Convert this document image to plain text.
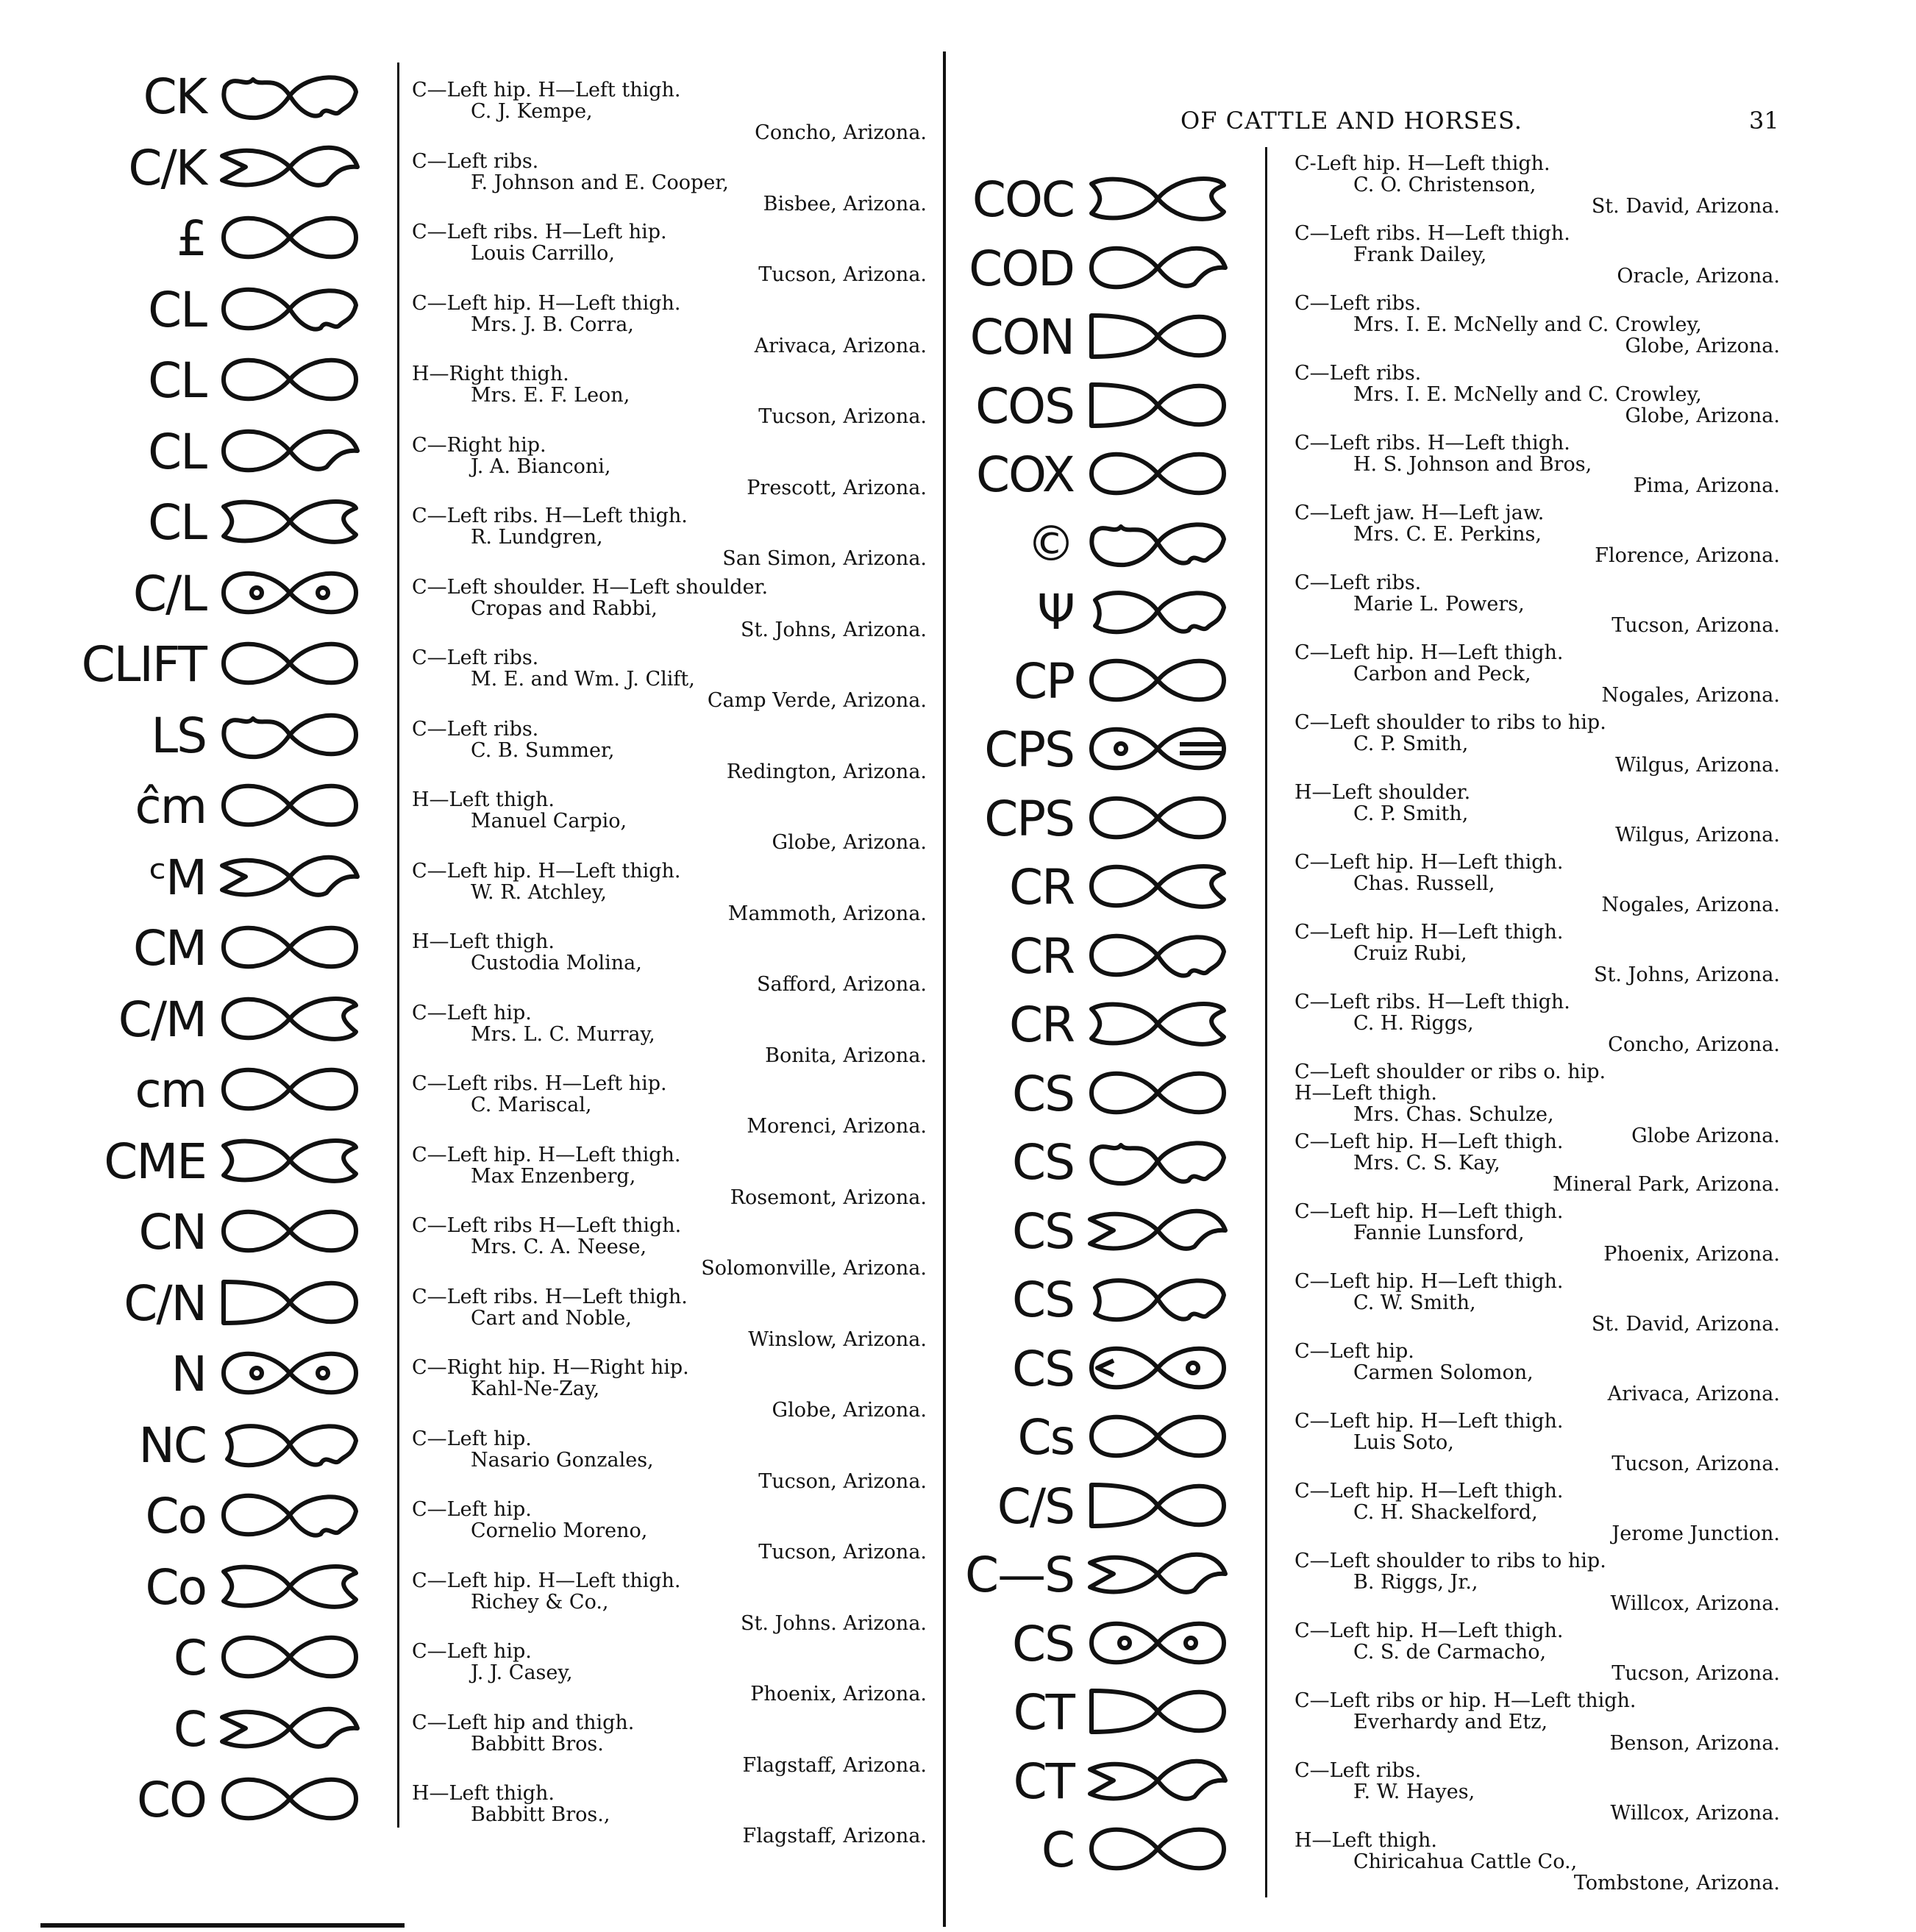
OF CATTLE AND HORSES.	31
CK
C/K
£
CL
CL
CL
CL
C/L
CLIFT
LS
ĉm
ᶜM
CM
C/M
cm
CME
CN
C/N
N
NC
Co
Co
C
C
CO
C—Left hip. H—Left thigh.
C. J. Kempe,
Concho, Arizona.
C—Left ribs.
F. Johnson and E. Cooper,
Bisbee, Arizona.
C—Left ribs. H—Left hip.
Louis Carrillo,
Tucson, Arizona.
C—Left hip. H—Left thigh.
Mrs. J. B. Corra,
Arivaca, Arizona.
H—Right thigh.
Mrs. E. F. Leon,
Tucson, Arizona.
C—Right hip.
J. A. Bianconi,
Prescott, Arizona.
C—Left ribs. H—Left thigh.
R. Lundgren,
San Simon, Arizona.
C—Left shoulder. H—Left shoulder.
Cropas and Rabbi,
St. Johns, Arizona.
C—Left ribs.
M. E. and Wm. J. Clift,
Camp Verde, Arizona.
C—Left ribs.
C. B. Summer,
Redington, Arizona.
H—Left thigh.
Manuel Carpio,
Globe, Arizona.
C—Left hip. H—Left thigh.
W. R. Atchley,
Mammoth, Arizona.
H—Left thigh.
Custodia Molina,
Safford, Arizona.
C—Left hip.
Mrs. L. C. Murray,
Bonita, Arizona.
C—Left ribs. H—Left hip.
C. Mariscal,
Morenci, Arizona.
C—Left hip. H—Left thigh.
Max Enzenberg,
Rosemont, Arizona.
C—Left ribs H—Left thigh.
Mrs. C. A. Neese,
Solomonville, Arizona.
C—Left ribs. H—Left thigh.
Cart and Noble,
Winslow, Arizona.
C—Right hip. H—Right hip.
Kahl-Ne-Zay,
Globe, Arizona.
C—Left hip.
Nasario Gonzales,
Tucson, Arizona.
C—Left hip.
Cornelio Moreno,
Tucson, Arizona.
C—Left hip. H—Left thigh.
Richey & Co.,
St. Johns. Arizona.
C—Left hip.
J. J. Casey,
Phoenix, Arizona.
C—Left hip and thigh.
Babbitt Bros.
Flagstaff, Arizona.
H—Left thigh.
Babbitt Bros.,
Flagstaff, Arizona.
COC
COD
CON
COS
COX
©
Ψ
CP
CPS
CPS
CR
CR
CR
CS
CS
CS
CS
CS
Cs
C/S
C—S
CS
CT
CT
C
C-Left hip. H—Left thigh.
C. O. Christenson,
St. David, Arizona.
C—Left ribs. H—Left thigh.
Frank Dailey,
Oracle, Arizona.
C—Left ribs.
Mrs. I. E. McNelly and C. Crowley,
Globe, Arizona.
C—Left ribs.
Mrs. I. E. McNelly and C. Crowley,
Globe, Arizona.
C—Left ribs. H—Left thigh.
H. S. Johnson and Bros,
Pima, Arizona.
C—Left jaw. H—Left jaw.
Mrs. C. E. Perkins,
Florence, Arizona.
C—Left ribs.
Marie L. Powers,
Tucson, Arizona.
C—Left hip. H—Left thigh.
Carbon and Peck,
Nogales, Arizona.
C—Left shoulder to ribs to hip.
C. P. Smith,
Wilgus, Arizona.
H—Left shoulder.
C. P. Smith,
Wilgus, Arizona.
C—Left hip. H—Left thigh.
Chas. Russell,
Nogales, Arizona.
C—Left hip. H—Left thigh.
Cruiz Rubi,
St. Johns, Arizona.
C—Left ribs. H—Left thigh.
C. H. Riggs,
Concho, Arizona.
C—Left shoulder or ribs o. hip.
H—Left thigh.
Mrs. Chas. Schulze,
Globe Arizona.
C—Left hip. H—Left thigh.
Mrs. C. S. Kay,
Mineral Park, Arizona.
C—Left hip. H—Left thigh.
Fannie Lunsford,
Phoenix, Arizona.
C—Left hip. H—Left thigh.
C. W. Smith,
St. David, Arizona.
C—Left hip.
Carmen Solomon,
Arivaca, Arizona.
C—Left hip. H—Left thigh.
Luis Soto,
Tucson, Arizona.
C—Left hip. H—Left thigh.
C. H. Shackelford,
Jerome Junction.
C—Left shoulder to ribs to hip.
B. Riggs, Jr.,
Willcox, Arizona.
C—Left hip. H—Left thigh.
C. S. de Carmacho,
Tucson, Arizona.
C—Left ribs or hip. H—Left thigh.
Everhardy and Etz,
Benson, Arizona.
C—Left ribs.
F. W. Hayes,
Willcox, Arizona.
H—Left thigh.
Chiricahua Cattle Co.,
Tombstone, Arizona.
